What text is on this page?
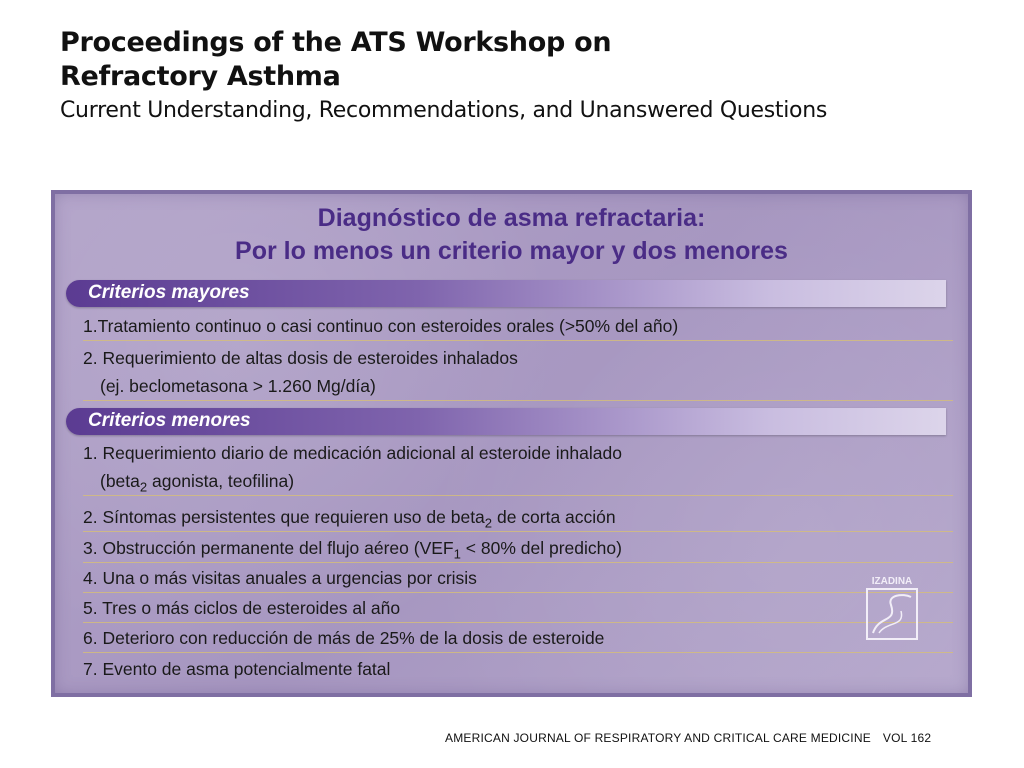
Proceedings of the ATS Workshop on
Refractory Asthma
Current Understanding, Recommendations, and Unanswered Questions
Diagnóstico de asma refractaria:
Por lo menos un criterio mayor y dos menores
Criterios mayores
1.Tratamiento continuo o casi continuo con esteroides orales (>50% del año)
2. Requerimiento de altas dosis de esteroides inhalados
(ej. beclometasona > 1.260 Mg/día)
Criterios menores
1. Requerimiento diario de medicación adicional al esteroide inhalado
(beta$_2$ agonista, teofilina)
2. Síntomas persistentes que requieren uso de beta$_2$ de corta acción
3. Obstrucción permanente del flujo aéreo ($VEF_1 < 80\%$ del predicho)
4. Una o más visitas anuales a urgencias por crisis
5. Tres o más ciclos de esteroides al año
6. Deterioro con reducción de más de 25% de la dosis de esteroide
7. Evento de asma potencialmente fatal
IZADINA
AMERICAN JOURNAL OF RESPIRATORY AND CRITICAL CARE MEDICINE VOL 162
